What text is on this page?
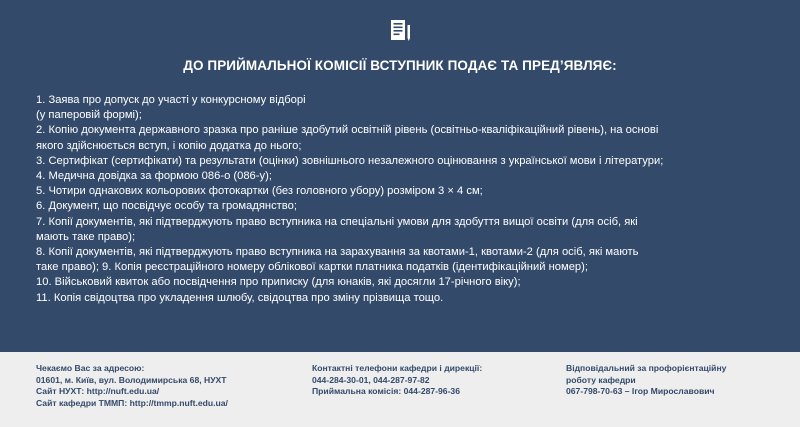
ДО ПРИЙМАЛЬНОЇ КОМІСІЇ ВСТУПНИК ПОДАЄ ТА ПРЕД’ЯВЛЯЄ:
1. Заява про допуск до участі у конкурсному відборі
(у паперовій формі);
2. Копію документа державного зразка про раніше здобутий освітній рівень (освітньо-кваліфікаційний рівень), на основі
якого здійснюється вступ, і копію додатка до нього;
3. Сертифікат (сертифікати) та результати (оцінки) зовнішнього незалежного оцінювання з української мови і літератури;
4. Медична довідка за формою 086-о (086-у);
5. Чотири однакових кольорових фотокартки (без головного убору) розміром 3 × 4 см;
6. Документ, що посвідчує особу та громадянство;
7. Копії документів, які підтверджують право вступника на спеціальні умови для здобуття вищої освіти (для осіб, які
мають таке право);
8. Копії документів, які підтверджують право вступника на зарахування за квотами-1, квотами-2 (для осіб, які мають
таке право); 9. Копія реєстраційного номеру облікової картки платника податків (ідентифікаційний номер);
10. Військовий квиток або посвідчення про приписку (для юнаків, які досягли 17-річного віку);
11. Копія свідоцтва про укладення шлюбу, свідоцтва про зміну прізвища тощо.
Чекаємо Вас за адресою:
01601, м. Київ, вул. Володимирська 68, НУХТ
Сайт НУХТ: http://nuft.edu.ua/
Сайт кафедри ТММП: http://tmmp.nuft.edu.ua/
Контактні телефони кафедри і дирекції:
044-284-30-01, 044-287-97-82
Приймальна комісія: 044-287-96-36
Відповідальний за профорієнтаційну
роботу кафедри
067-798-70-63 – Ігор Мирославович
